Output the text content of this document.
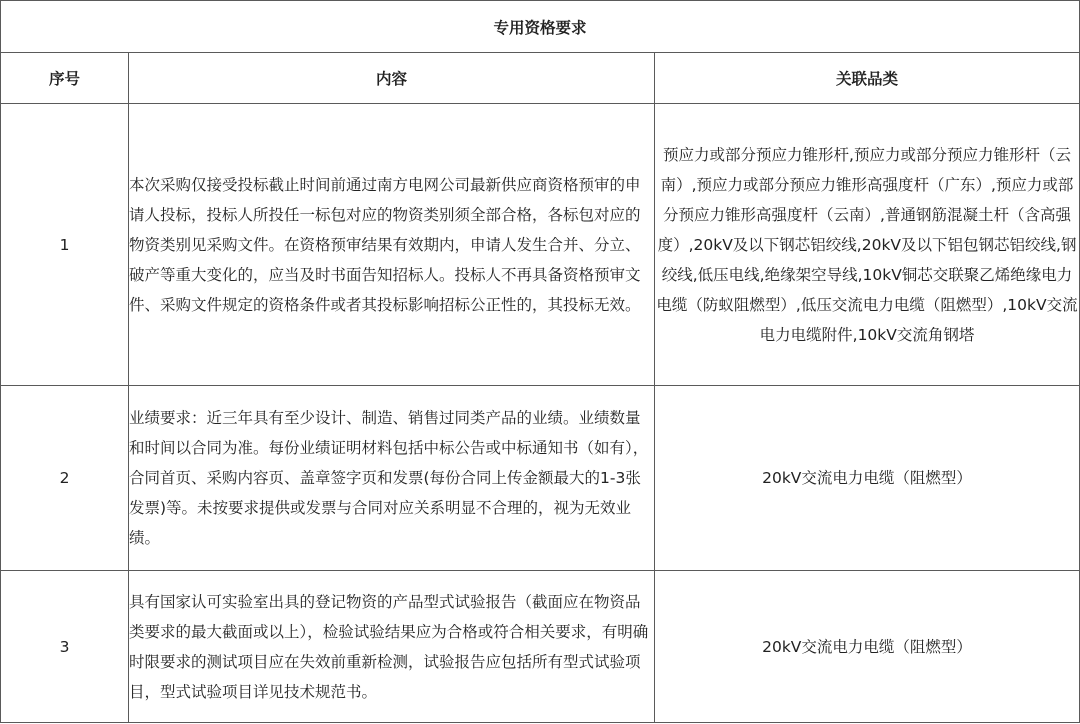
专用资格要求		
序号	内容	关联品类
1	本次采购仅接受投标截止时间前通过南方电网公司最新供应商资格预审的申请人投标，投标人所投任一标包对应的物资类别须全部合格，各标包对应的物资类别见采购文件。在资格预审结果有效期内，申请人发生合并、分立、破产等重大变化的，应当及时书面告知招标人。投标人不再具备资格预审文件、采购文件规定的资格条件或者其投标影响招标公正性的，其投标无效。	预应力或部分预应力锥形杆,预应力或部分预应力锥形杆（云南）,预应力或部分预应力锥形高强度杆（广东）,预应力或部分预应力锥形高强度杆（云南）,普通钢筋混凝土杆（含高强度）,20kV及以下钢芯铝绞线,20kV及以下铝包钢芯铝绞线,钢绞线,低压电线,绝缘架空导线,10kV铜芯交联聚乙烯绝缘电力电缆（防蚁阻燃型）,低压交流电力电缆（阻燃型）,10kV交流电力电缆附件,10kV交流角钢塔
2	业绩要求：近三年具有至少设计、制造、销售过同类产品的业绩。业绩数量和时间以合同为准。每份业绩证明材料包括中标公告或中标通知书（如有），合同首页、采购内容页、盖章签字页和发票(每份合同上传金额最大的1-3张发票)等。未按要求提供或发票与合同对应关系明显不合理的，视为无效业绩。	20kV交流电力电缆（阻燃型）
3	具有国家认可实验室出具的登记物资的产品型式试验报告（截面应在物资品类要求的最大截面或以上），检验试验结果应为合格或符合相关要求，有明确时限要求的测试项目应在失效前重新检测，试验报告应包括所有型式试验项目，型式试验项目详见技术规范书。	20kV交流电力电缆（阻燃型）
